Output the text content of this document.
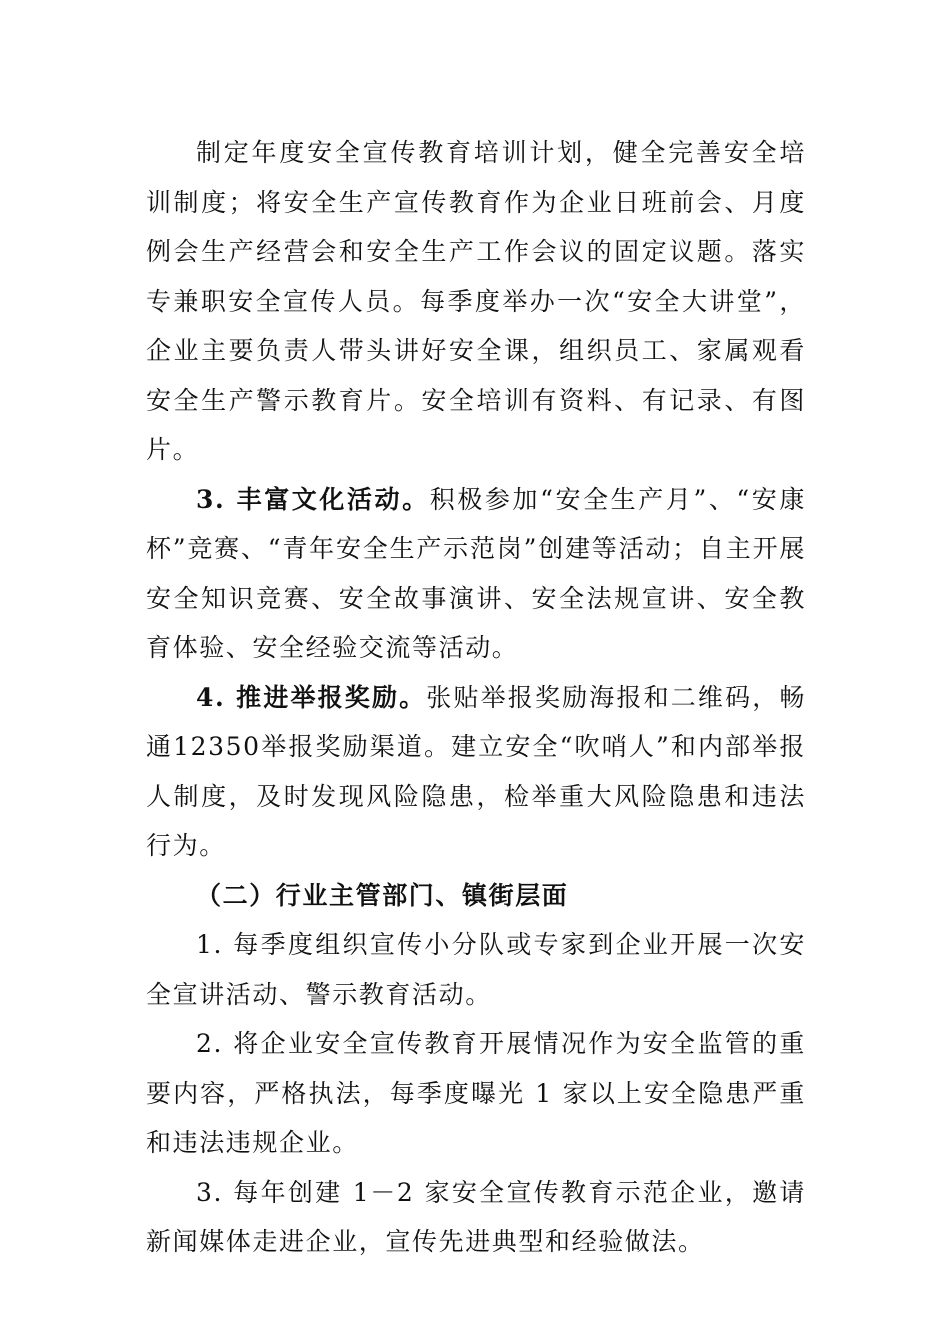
制定年度安全宣传教育培训计划，健全完善安全培训制度；将安全生产宣传教育作为企业日班前会、月度例会生产经营会和安全生产工作会议的固定议题。落实专兼职安全宣传人员。每季度举办一次“安全大讲堂”，企业主要负责人带头讲好安全课，组织员工、家属观看安全生产警示教育片。安全培训有资料、有记录、有图片。

3. 丰富文化活动。积极参加“安全生产月”、“安康杯”竞赛、“青年安全生产示范岗”创建等活动；自主开展安全知识竞赛、安全故事演讲、安全法规宣讲、安全教育体验、安全经验交流等活动。

4. 推进举报奖励。张贴举报奖励海报和二维码，畅通12350举报奖励渠道。建立安全“吹哨人”和内部举报人制度，及时发现风险隐患，检举重大风险隐患和违法行为。

（二）行业主管部门、镇街层面

1. 每季度组织宣传小分队或专家到企业开展一次安全宣讲活动、警示教育活动。

2. 将企业安全宣传教育开展情况作为安全监管的重要内容，严格执法，每季度曝光 1 家以上安全隐患严重和违法违规企业。

3. 每年创建 1－2 家安全宣传教育示范企业，邀请新闻媒体走进企业，宣传先进典型和经验做法。
